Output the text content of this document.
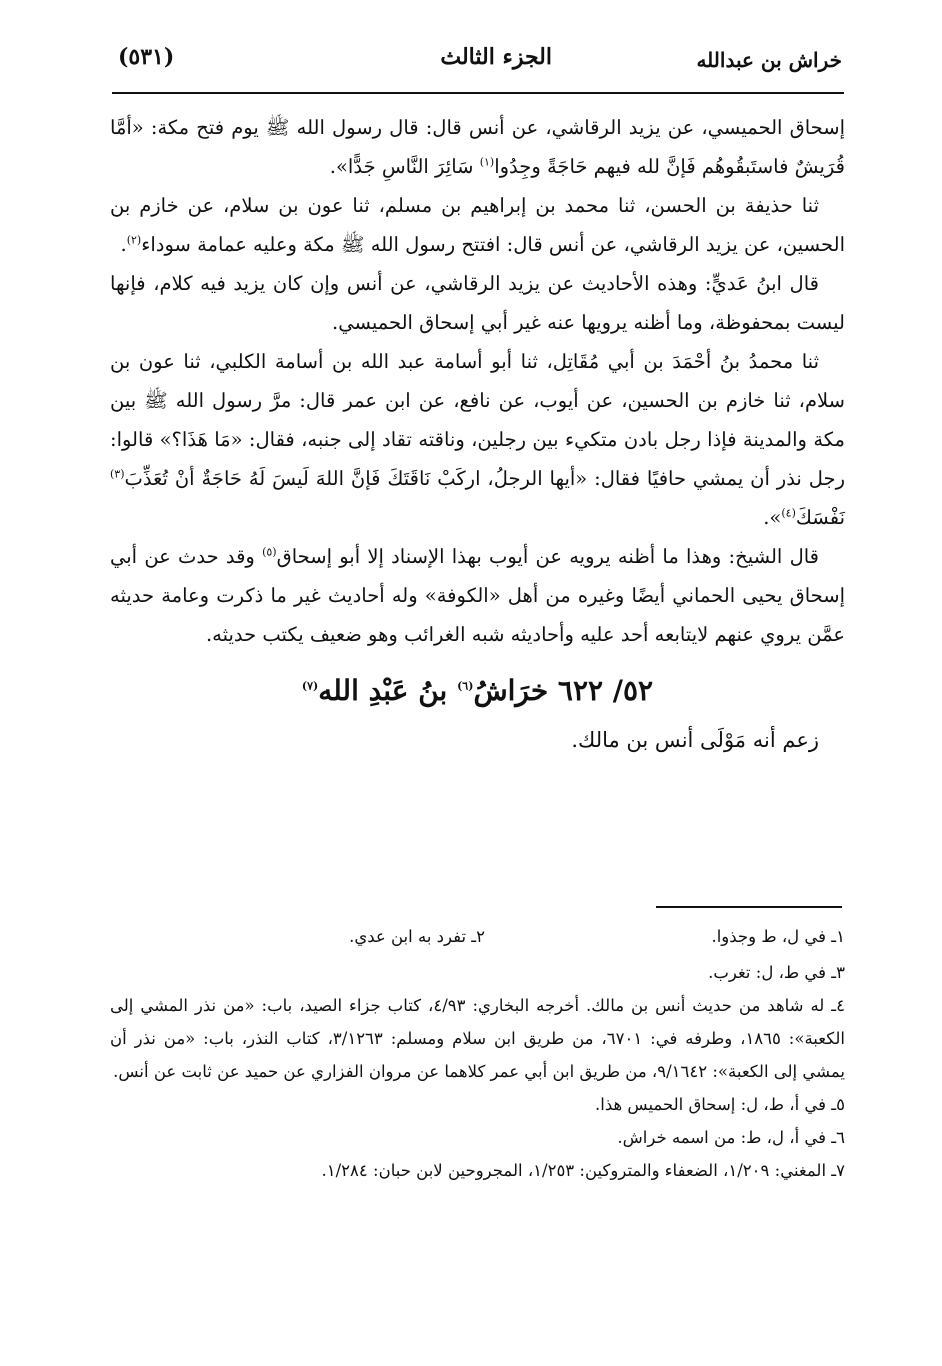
خراش بن عبدالله
الجزء الثالث
(٥٣١)

إسحاق الحميسي، عن يزيد الرقاشي، عن أنس قال: قال رسول الله ﷺ يوم فتح مكة: «أمَّا قُرَيشٌ فاستَبقُوهُم فَإنَّ لله فيهم حَاجَةً وجِدُوا$^{(١)}$ سَائِرَ النَّاسِ جَدًّا».

ثنا حذيفة بن الحسن، ثنا محمد بن إبراهيم بن مسلم، ثنا عون بن سلام، عن خازم بن الحسين، عن يزيد الرقاشي، عن أنس قال: افتتح رسول الله ﷺ مكة وعليه عمامة سوداء$^{(٢)}$.

قال ابنُ عَديٍّ: وهذه الأحاديث عن يزيد الرقاشي، عن أنس وإن كان يزيد فيه كلام، فإنها ليست بمحفوظة، وما أظنه يرويها عنه غير أبي إسحاق الحميسي.

ثنا محمدُ بنُ أحْمَدَ بن أبي مُقَاتِل، ثنا أبو أسامة عبد الله بن أسامة الكلبي، ثنا عون بن سلام، ثنا خازم بن الحسين، عن أيوب، عن نافع، عن ابن عمر قال: مرَّ رسول الله ﷺ بين مكة والمدينة فإذا رجل بادن متكيء بين رجلين، وناقته تقاد إلى جنبه، فقال: «مَا هَذَا؟» قالوا: رجل نذر أن يمشي حافيًا فقال: «أيها الرجلُ، اركَبْ نَاقَتَكَ فَإنَّ اللهَ لَيسَ لَهُ حَاجَةٌ أنْ تُعَذِّبَ$^{(٣)}$ نَفْسَكَ$^{(٤)}$».

قال الشيخ: وهذا ما أظنه يرويه عن أيوب بهذا الإسناد إلا أبو إسحاق$^{(٥)}$ وقد حدث عن أبي إسحاق يحيى الحماني أيضًا وغيره من أهل «الكوفة» وله أحاديث غير ما ذكرت وعامة حديثه عمَّن يروي عنهم لايتابعه أحد عليه وأحاديثه شبه الغرائب وهو ضعيف يكتب حديثه.

٥٢/ ٦٢٢ خرَاشُ$^{(٦)}$ بنُ عَبْدِ الله$^{(٧)}$

زعم أنه مَوْلَى أنس بن مالك.

١ـ في ل، ط وجذوا.
٢ـ تفرد به ابن عدي.

٣ـ في ط، ل: تغرب.

٤ـ له شاهد من حديث أنس بن مالك. أخرجه البخاري: ٤/٩٣، كتاب جزاء الصيد، باب: «من نذر المشي إلى الكعبة»: ١٨٦٥، وطرفه في: ٦٧٠١، من طريق ابن سلام ومسلم: ٣/١٢٦٣، كتاب النذر، باب: «من نذر أن يمشي إلى الكعبة»: ٩/١٦٤٢، من طريق ابن أبي عمر كلاهما عن مروان الفزاري عن حميد عن ثابت عن أنس.

٥ـ في أ، ط، ل: إسحاق الحميس هذا.

٦ـ في أ، ل، ط: من اسمه خراش.

٧ـ المغني: ١/٢٠٩، الضعفاء والمتروكين: ١/٢٥٣، المجروحين لابن حبان: ١/٢٨٤.
